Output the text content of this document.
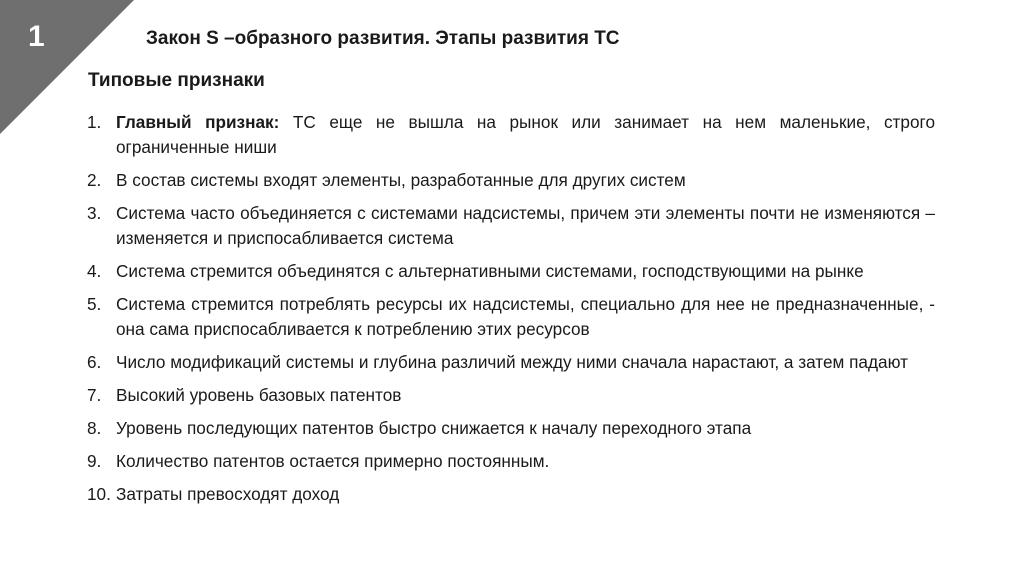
1	Закон S –образного развития. Этапы развития ТС
Типовые признаки
1. Главный признак: ТС еще не вышла на рынок или занимает на нем маленькие, строго ограниченные ниши
2. В состав системы входят элементы, разработанные для других систем
3. Система часто объединяется с системами надсистемы, причем эти элементы почти не изменяются – изменяется и приспосабливается система
4. Система стремится объединятся с альтернативными системами, господствующими на рынке
5. Система стремится потреблять ресурсы их надсистемы, специально для нее не предназначенные, - она сама приспосабливается к потреблению этих ресурсов
6. Число модификаций системы и глубина различий между ними сначала нарастают, а затем падают
7. Высокий уровень базовых патентов
8. Уровень последующих патентов быстро снижается к началу переходного этапа
9. Количество патентов остается примерно постоянным.
10. Затраты превосходят доход
